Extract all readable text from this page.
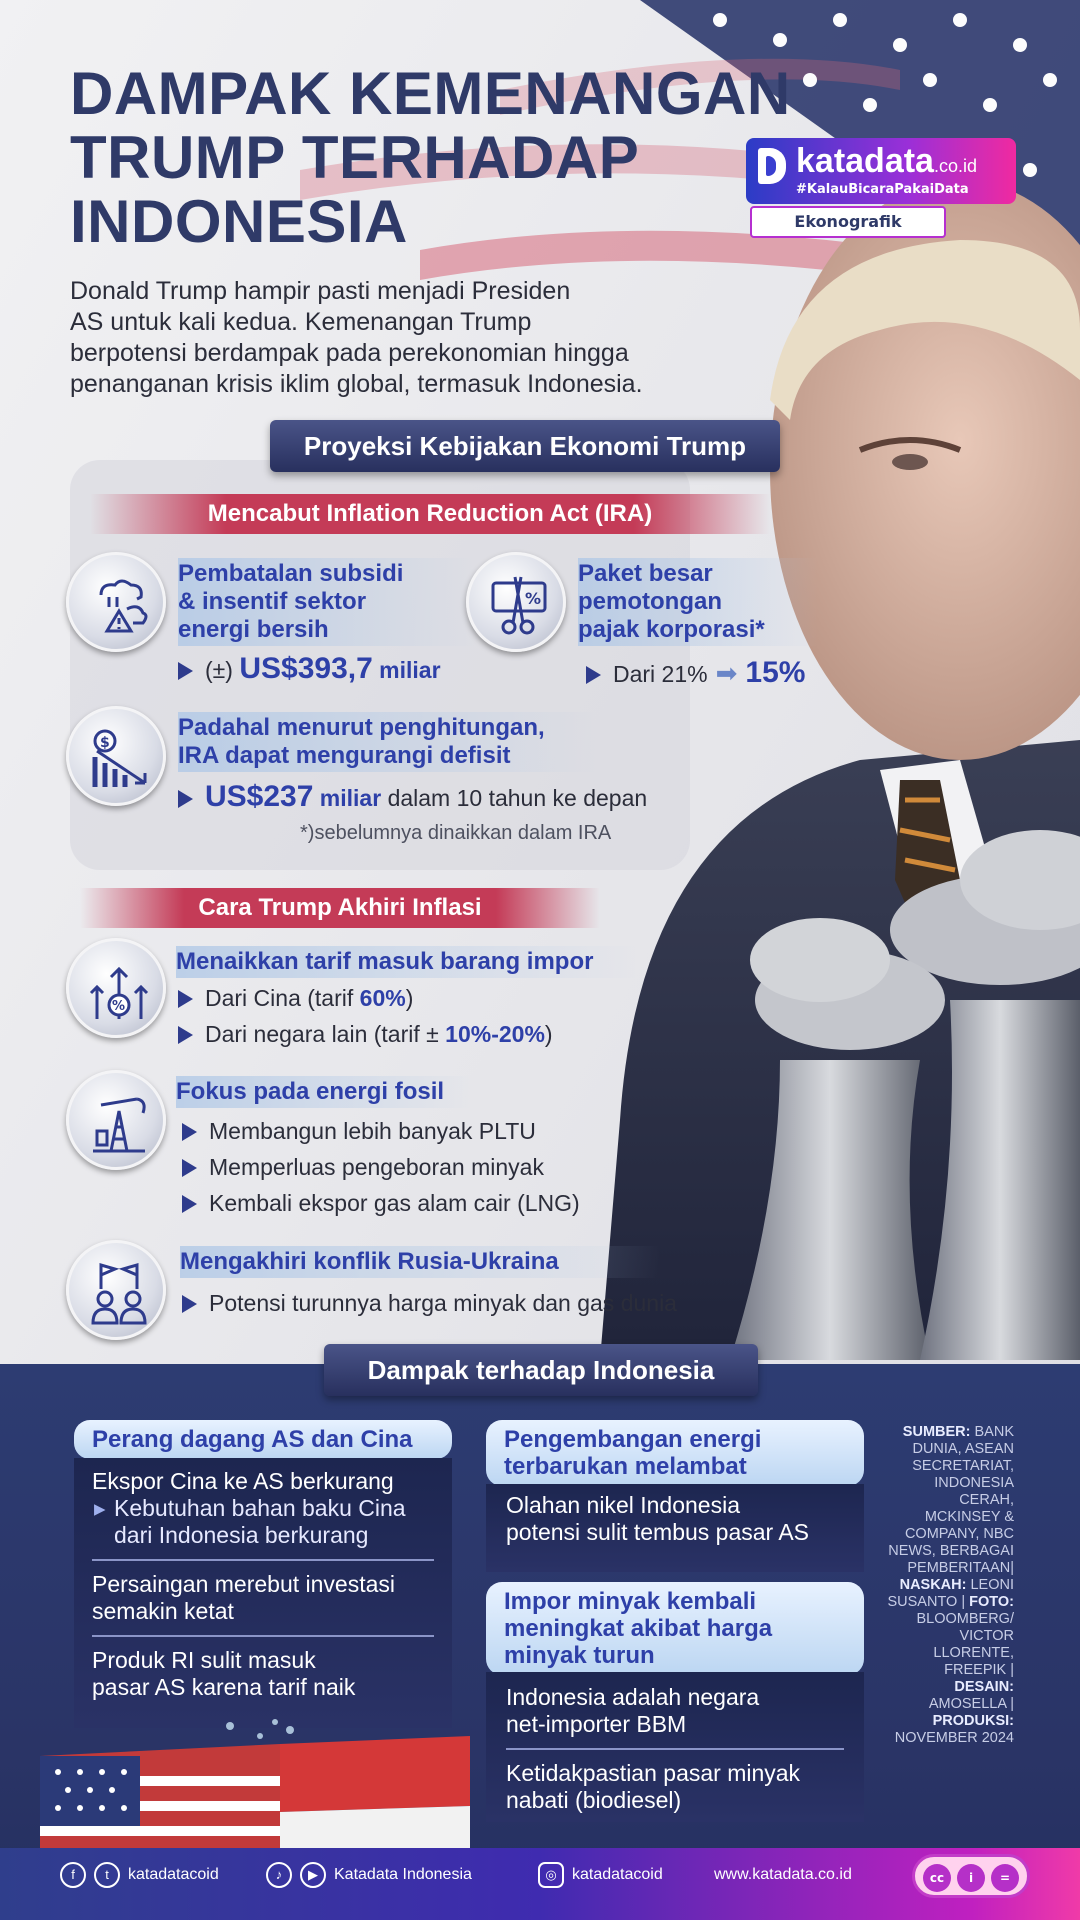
DAMPAK KEMENANGAN
TRUMP TERHADAP
INDONESIA
katadata.co.id
#KalauBicaraPakaiData
Ekonografik
Donald Trump hampir pasti menjadi Presiden
AS untuk kali kedua. Kemenangan Trump
berpotensi berdampak pada perekonomian hingga
penanganan krisis iklim global, termasuk Indonesia.
Proyeksi Kebijakan Ekonomi Trump
Mencabut Inflation Reduction Act (IRA)
Pembatalan subsidi
& insentif sektor
energi bersih
(±) US$393,7 miliar
%
Paket besar
pemotongan
pajak korporasi*
Dari 21% ➡ 15%
$
Padahal menurut penghitungan,
IRA dapat mengurangi defisit
US$237 miliar dalam 10 tahun ke depan
*)sebelumnya dinaikkan dalam IRA
Cara Trump Akhiri Inflasi
%
Menaikkan tarif masuk barang impor
Dari Cina (tarif 60%)
Dari negara lain (tarif ± 10%-20%)
Fokus pada energi fosil
Membangun lebih banyak PLTU
Memperluas pengeboran minyak
Kembali ekspor gas alam cair (LNG)
Mengakhiri konflik Rusia-Ukraina
Potensi turunnya harga minyak dan gas dunia
Dampak terhadap Indonesia
Perang dagang AS dan Cina
Ekspor Cina ke AS berkurang
▸ Kebutuhan bahan baku Cina
dari Indonesia berkurang
Persaingan merebut investasi
semakin ketat
Produk RI sulit masuk
pasar AS karena tarif naik
Pengembangan energi
terbarukan melambat
Olahan nikel Indonesia
potensi sulit tembus pasar AS
Impor minyak kembali
meningkat akibat harga
minyak turun
Indonesia adalah negara
net-importer BBM
Ketidakpastian pasar minyak
nabati (biodiesel)
SUMBER: BANK DUNIA, ASEAN SECRETARIAT, INDONESIA CERAH, MCKINSEY & COMPANY, NBC NEWS, BERBAGAI PEMBERITAAN| NASKAH: LEONI SUSANTO | FOTO: BLOOMBERG/ VICTOR LLORENTE, FREEPIK | DESAIN: AMOSELLA | PRODUKSI: NOVEMBER 2024
f t katadatacoid	♪ ▶ Katadata Indonesia	◎ katadatacoid	www.katadata.co.id	cc	i	=
